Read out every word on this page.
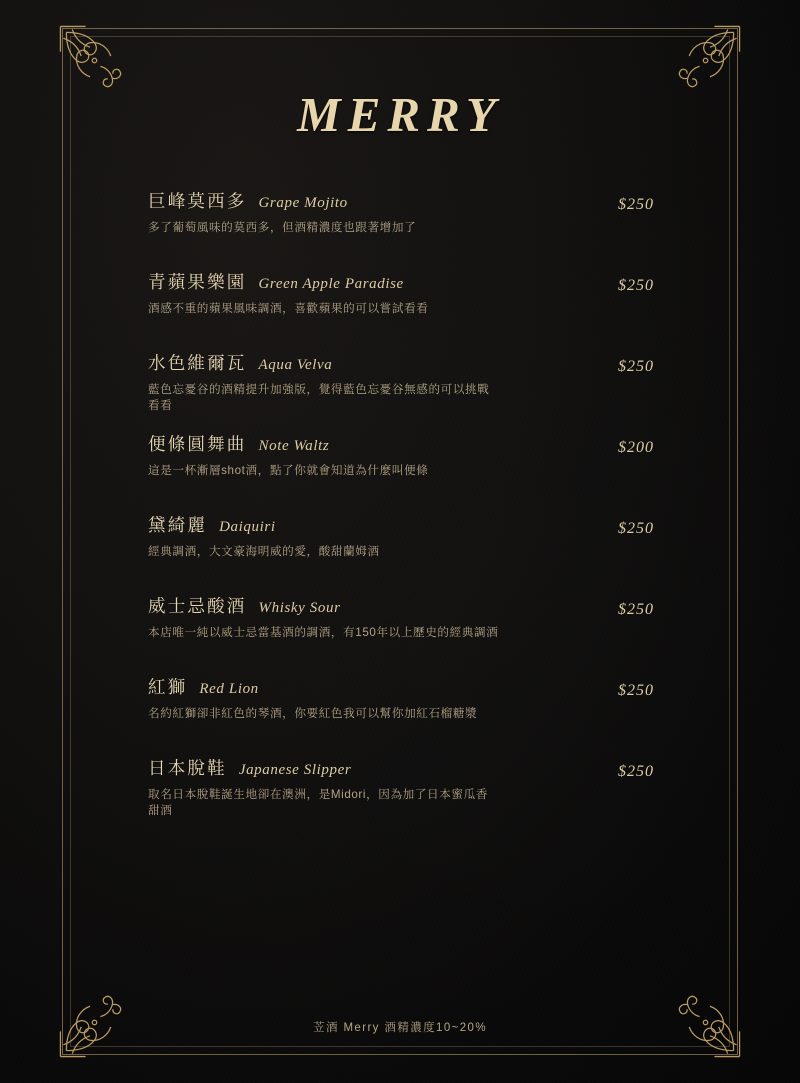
MERRY
巨峰莫西多 Grape Mojito
多了葡萄風味的莫西多，但酒精濃度也跟著增加了
$250
青蘋果樂園 Green Apple Paradise
酒感不重的蘋果風味調酒，喜歡蘋果的可以嘗試看看
$250
水色維爾瓦 Aqua Velva
藍色忘憂谷的酒精提升加強版，覺得藍色忘憂谷無感的可以挑戰看看
$250
便條圓舞曲 Note Waltz
這是一杯漸層shot酒，點了你就會知道為什麼叫便條
$200
黛綺麗 Daiquiri
經典調酒，大文豪海明威的愛，酸甜蘭姆酒
$250
威士忌酸酒 Whisky Sour
本店唯一純以威士忌當基酒的調酒，有150年以上歷史的經典調酒
$250
紅獅 Red Lion
名約紅獅卻非紅色的琴酒，你要紅色我可以幫你加紅石榴糖漿
$250
日本脫鞋 Japanese Slipper
取名日本脫鞋誕生地卻在澳洲，是Midori，因為加了日本蜜瓜香甜酒
$250
苙酒 Merry 酒精濃度10~20%
